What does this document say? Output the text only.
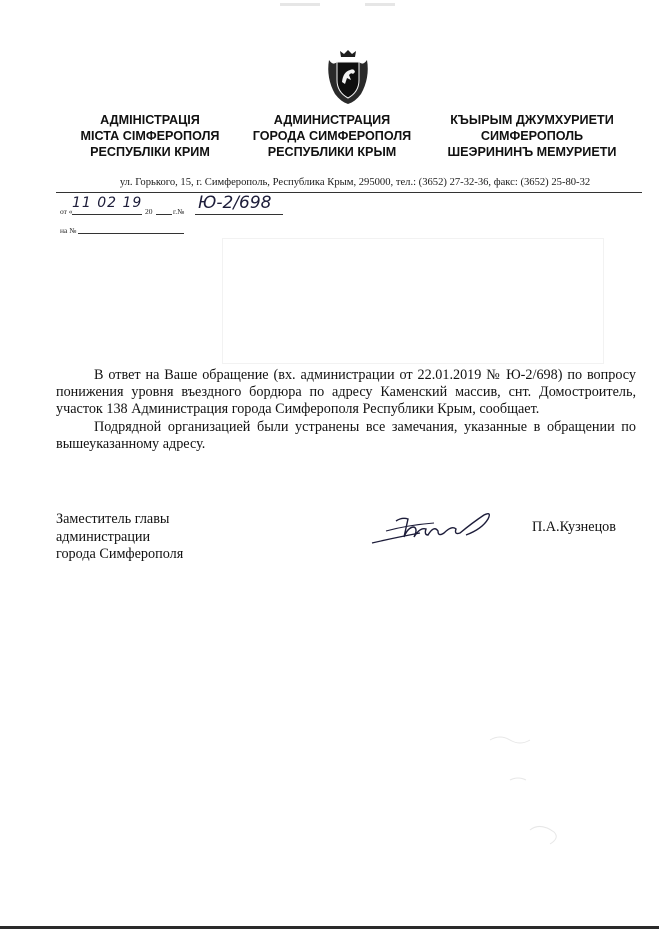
АДМІНІСТРАЦІЯ
МІСТА СІМФЕРОПОЛЯ
РЕСПУБЛІКИ КРИМ
АДМИНИСТРАЦИЯ
ГОРОДА СИМФЕРОПОЛЯ
РЕСПУБЛИКИ КРЫМ
КЪЫРЫМ ДЖУМХУРИЕТИ
СИМФЕРОПОЛЬ
ШЕЭРИНИНЪ МЕМУРИЕТИ
ул. Горького, 15, г. Симферополь, Республика Крым, 295000, тел.: (3652) 27-32-36, факс: (3652) 25-80-32
от «
11 02 19
20	г.№ Ю-2/698
на №

В ответ на Ваше обращение (вх. администрации от 22.01.2019 № Ю-2/698) по вопросу понижения уровня въездного бордюра по адресу Каменский массив, снт. Домостроитель, участок 138 Администрация города Симферополя Республики Крым, сообщает.

Подрядной организацией были устранены все замечания, указанные в обращении по вышеуказанному адресу.

Заместитель главы
администрации
города Симферополя
П.А.Кузнецов
